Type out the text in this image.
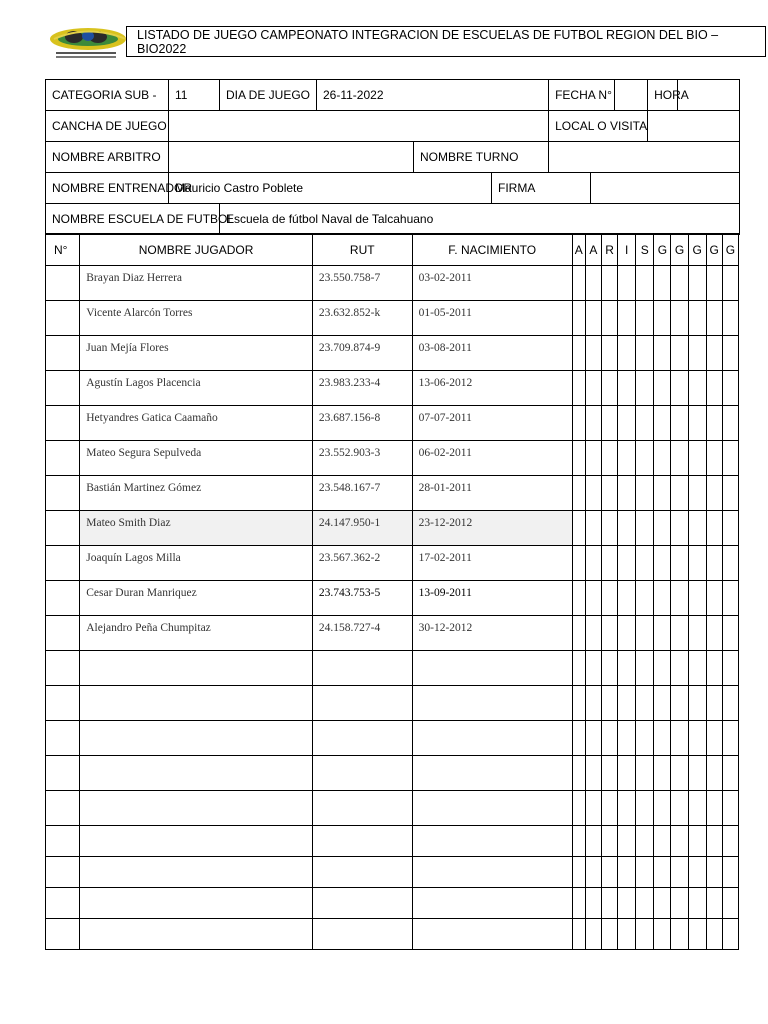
LISTADO DE JUEGO CAMPEONATO INTEGRACION DE ESCUELAS DE FUTBOL REGION DEL BIO – BIO2022
CATEGORIA SUB -	11	DIA DE JUEGO	26-11-2022			FECHA N°			HORA	
CANCHA DE JUEGO						LOCAL O VISITA				
NOMBRE ARBITRO				NOMBRE TURNO						
NOMBRE ENTRENADOR	Mauricio Castro Poblete				FIRMA					
NOMBRE ESCUELA DE FUTBOL		Escuela de fútbol Naval de Talcahuano								
N°	NOMBRE JUGADOR	RUT	F. NACIMIENTO	A	A	R	I	S	G	G	G	G	G
	Brayan Diaz Herrera	23.550.758-7	03-02-2011										
	Vicente Alarcón Torres	23.632.852-k	01-05-2011										
	Juan Mejía Flores	23.709.874-9	03-08-2011										
	Agustín Lagos Placencia	23.983.233-4	13-06-2012										
	Hetyandres Gatica Caamaño	23.687.156-8	07-07-2011										
	Mateo Segura Sepulveda	23.552.903-3	06-02-2011										
	Bastián Martinez Gómez	23.548.167-7	28-01-2011										
	Mateo Smith Diaz	24.147.950-1	23-12-2012										
	Joaquín Lagos Milla	23.567.362-2	17-02-2011										
	Cesar Duran Manriquez	23.743.753-5	13-09-2011										
	Alejandro Peña Chumpitaz	24.158.727-4	30-12-2012										
